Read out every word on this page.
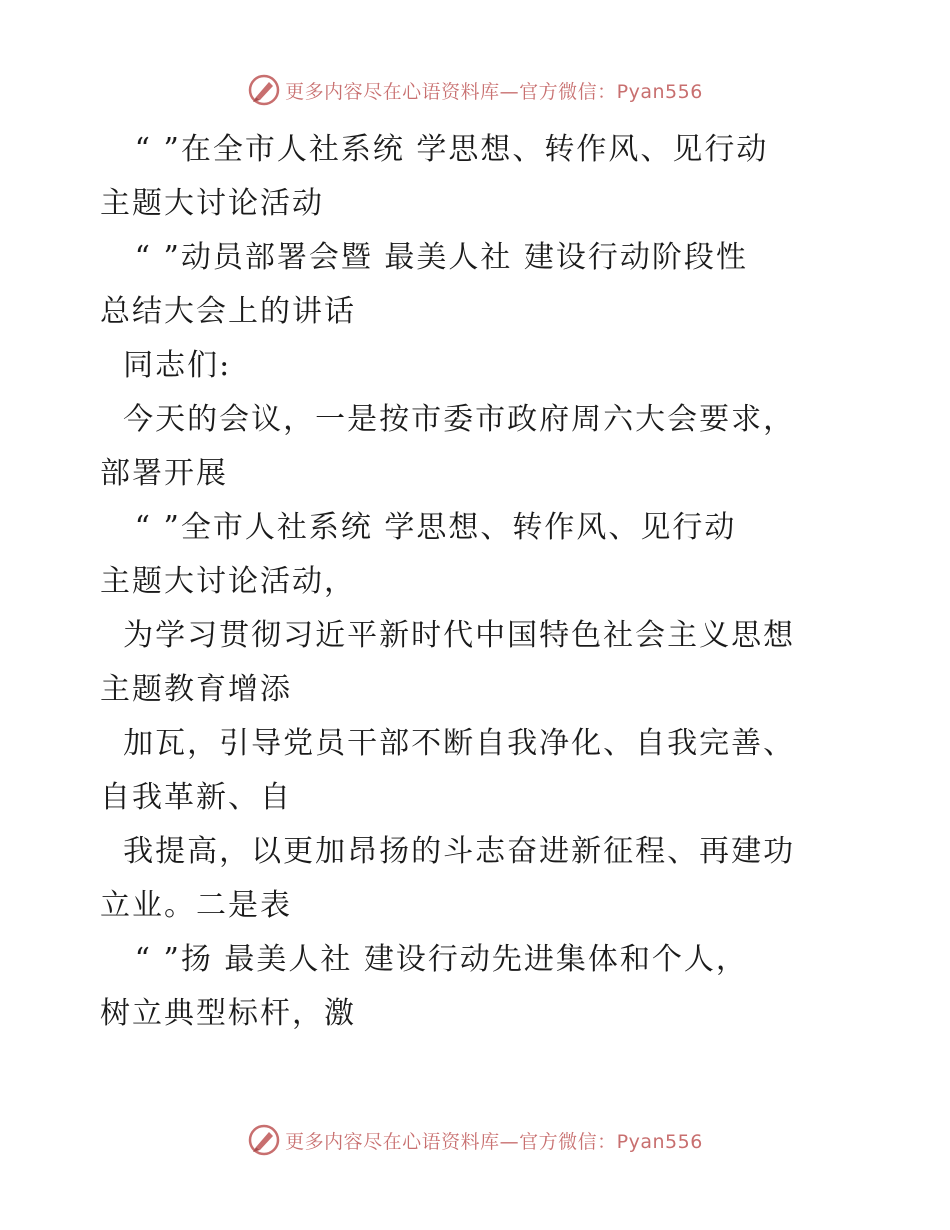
更多内容尽在心语资料库—官方微信：Pyan556
“ ”在全市人社系统 学思想、转作风、见行动
主题大讨论活动
“ ”动员部署会暨 最美人社 建设行动阶段性
总结大会上的讲话
同志们:
今天的会议，一是按市委市政府周六大会要求，
部署开展
“ ”全市人社系统 学思想、转作风、见行动
主题大讨论活动，
为学习贯彻习近平新时代中国特色社会主义思想
主题教育增添
加瓦，引导党员干部不断自我净化、自我完善、
自我革新、自
我提高，以更加昂扬的斗志奋进新征程、再建功
立业。二是表
“ ”扬 最美人社 建设行动先进集体和个人，
树立典型标杆，激
更多内容尽在心语资料库—官方微信：Pyan556
